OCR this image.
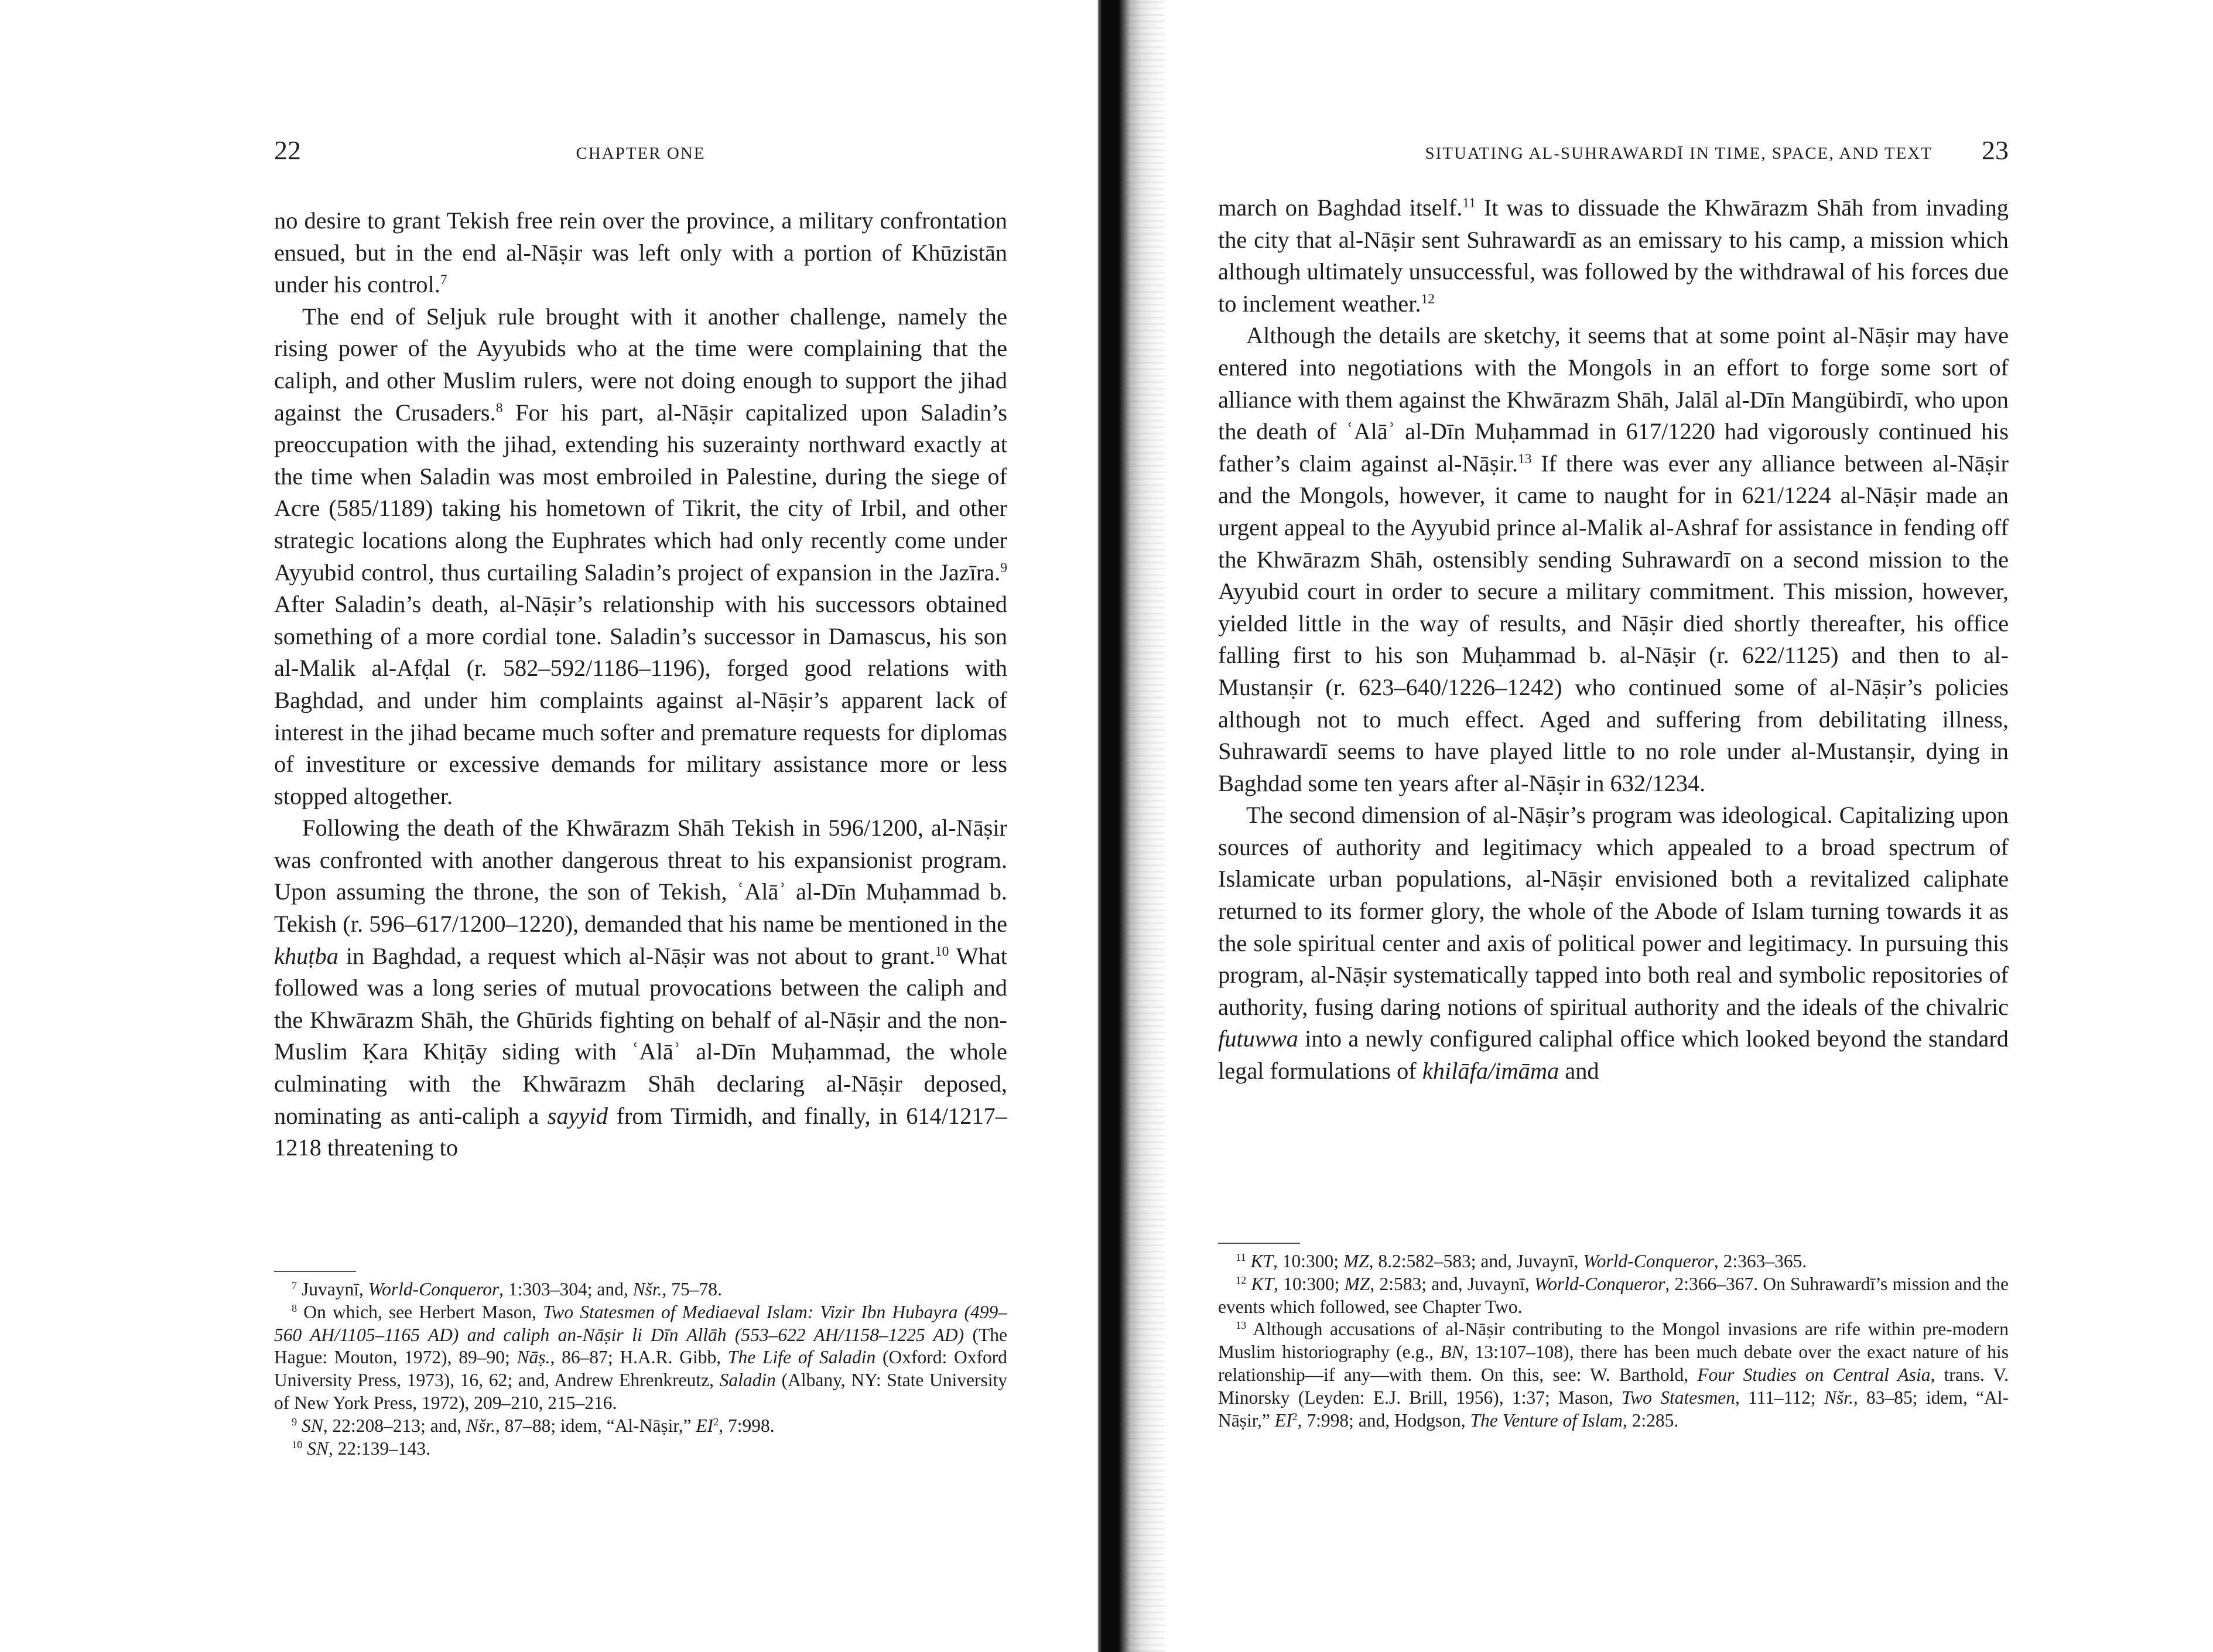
22	CHAPTER ONE

no desire to grant Tekish free rein over the province, a military confrontation ensued, but in the end al-Nāṣir was left only with a portion of Khūzistān under his control.$^7$

The end of Seljuk rule brought with it another challenge, namely the rising power of the Ayyubids who at the time were complaining that the caliph, and other Muslim rulers, were not doing enough to support the jihad against the Crusaders.$^8$ For his part, al-Nāṣir capitalized upon Saladin’s preoccupation with the jihad, extending his suzerainty northward exactly at the time when Saladin was most embroiled in Palestine, during the siege of Acre (585/1189) taking his hometown of Tikrit, the city of Irbil, and other strategic locations along the Euphrates which had only recently come under Ayyubid control, thus curtailing Saladin’s project of expansion in the Jazīra.$^9$ After Saladin’s death, al-Nāṣir’s relationship with his successors obtained something of a more cordial tone. Saladin’s successor in Damascus, his son al-Malik al-Afḍal (r. 582–592/1186–1196), forged good relations with Baghdad, and under him complaints against al-Nāṣir’s apparent lack of interest in the jihad became much softer and premature requests for diplomas of investiture or excessive demands for military assistance more or less stopped altogether.

Following the death of the Khwārazm Shāh Tekish in 596/1200, al-Nāṣir was confronted with another dangerous threat to his expansionist program. Upon assuming the throne, the son of Tekish, ʿAlāʾ al-Dīn Muḥammad b. Tekish (r. 596–617/1200–1220), demanded that his name be mentioned in the khuṭba in Baghdad, a request which al-Nāṣir was not about to grant.$^{10}$ What followed was a long series of mutual provocations between the caliph and the Khwārazm Shāh, the Ghūrids fighting on behalf of al-Nāṣir and the non-Muslim Ḳara Khiṭāy siding with ʿAlāʾ al-Dīn Muḥammad, the whole culminating with the Khwārazm Shāh declaring al-Nāṣir deposed, nominating as anti-caliph a sayyid from Tirmidh, and finally, in 614/1217–1218 threatening to

$^7$ Juvaynī, World-Conqueror, 1:303–304; and, Nšr., 75–78.

$^8$ On which, see Herbert Mason, Two Statesmen of Mediaeval Islam: Vizir Ibn Hubayra (499–560 AH/1105–1165 AD) and caliph an-Nāṣir li Dīn Allāh (553–622 AH/1158–1225 AD) (The Hague: Mouton, 1972), 89–90; Nāṣ., 86–87; H.A.R. Gibb, The Life of Saladin (Oxford: Oxford University Press, 1973), 16, 62; and, Andrew Ehrenkreutz, Saladin (Albany, NY: State University of New York Press, 1972), 209–210, 215–216.

$^9$ SN, 22:208–213; and, Nšr., 87–88; idem, “Al-Nāṣir,” $EI^2$, 7:998.

$^{10}$ SN, 22:139–143.

SITUATING AL-SUHRAWARDĪ IN TIME, SPACE, AND TEXT 23

march on Baghdad itself.$^{11}$ It was to dissuade the Khwārazm Shāh from invading the city that al-Nāṣir sent Suhrawardī as an emissary to his camp, a mission which although ultimately unsuccessful, was followed by the withdrawal of his forces due to inclement weather.$^{12}$

Although the details are sketchy, it seems that at some point al-Nāṣir may have entered into negotiations with the Mongols in an effort to forge some sort of alliance with them against the Khwārazm Shāh, Jalāl al-Dīn Mangübirdī, who upon the death of ʿAlāʾ al-Dīn Muḥammad in 617/1220 had vigorously continued his father’s claim against al-Nāṣir.$^{13}$ If there was ever any alliance between al-Nāṣir and the Mongols, however, it came to naught for in 621/1224 al-Nāṣir made an urgent appeal to the Ayyubid prince al-Malik al-Ashraf for assistance in fending off the Khwārazm Shāh, ostensibly sending Suhrawardī on a second mission to the Ayyubid court in order to secure a military commitment. This mission, however, yielded little in the way of results, and Nāṣir died shortly thereafter, his office falling first to his son Muḥammad b. al-Nāṣir (r. 622/1125) and then to al-Mustanṣir (r. 623–640/1226–1242) who continued some of al-Nāṣir’s policies although not to much effect. Aged and suffering from debilitating illness, Suhrawardī seems to have played little to no role under al-Mustanṣir, dying in Baghdad some ten years after al-Nāṣir in 632/1234.

The second dimension of al-Nāṣir’s program was ideological. Capitalizing upon sources of authority and legitimacy which appealed to a broad spectrum of Islamicate urban populations, al-Nāṣir envisioned both a revitalized caliphate returned to its former glory, the whole of the Abode of Islam turning towards it as the sole spiritual center and axis of political power and legitimacy. In pursuing this program, al-Nāṣir systematically tapped into both real and symbolic repositories of authority, fusing daring notions of spiritual authority and the ideals of the chivalric futuwwa into a newly configured caliphal office which looked beyond the standard legal formulations of khilāfa/imāma and

$^{11}$ KT, 10:300; MZ, 8.2:582–583; and, Juvaynī, World-Conqueror, 2:363–365.

$^{12}$ KT, 10:300; MZ, 2:583; and, Juvaynī, World-Conqueror, 2:366–367. On Suhrawardī’s mission and the events which followed, see Chapter Two.

$^{13}$ Although accusations of al-Nāṣir contributing to the Mongol invasions are rife within pre-modern Muslim historiography (e.g., BN, 13:107–108), there has been much debate over the exact nature of his relationship—if any—with them. On this, see: W. Barthold, Four Studies on Central Asia, trans. V. Minorsky (Leyden: E.J. Brill, 1956), 1:37; Mason, Two Statesmen, 111–112; Nšr., 83–85; idem, “Al-Nāṣir,” $EI^2$, 7:998; and, Hodgson, The Venture of Islam, 2:285.
